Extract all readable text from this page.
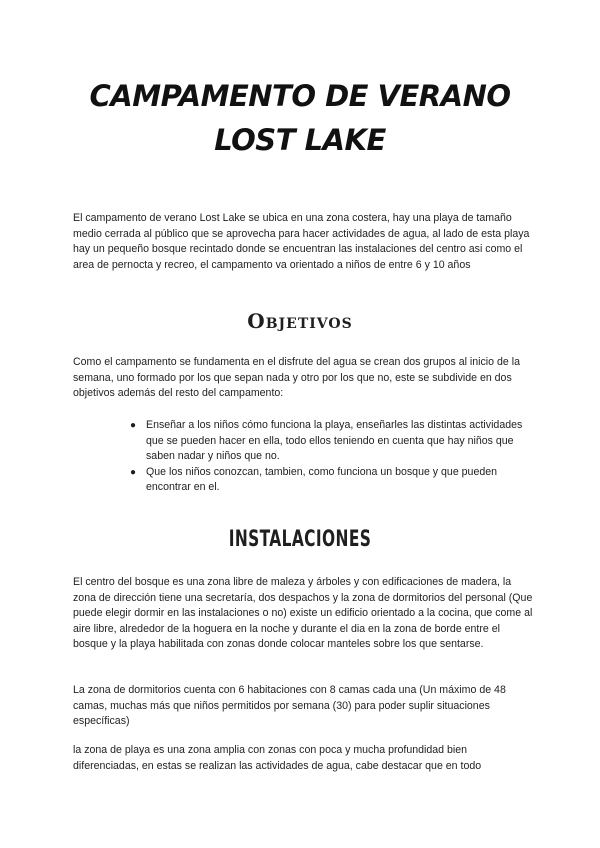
CAMPAMENTO DE VERANO
LOST LAKE

El campamento de verano Lost Lake se ubica en una zona costera, hay una playa de tamaño medio cerrada al público que se aprovecha para hacer actividades de agua, al lado de esta playa hay un pequeño bosque recintado donde se encuentran las instalaciones del centro asi como el area de pernocta y recreo, el campamento va orientado a niños de entre 6 y 10 años

Objetivos

Como el campamento se fundamenta en el disfrute del agua se crean dos grupos al inicio de la semana, uno formado por los que sepan nada y otro por los que no, este se subdivide en dos objetivos además del resto del campamento:

● Enseñar a los niños cómo funciona la playa, enseñarles las distintas actividades que se pueden hacer en ella, todo ellos teniendo en cuenta que hay niños que saben nadar y niños que no.
● Que los niños conozcan, tambien, como funciona un bosque y que pueden encontrar en el.
INSTALACIONES

El centro del bosque es una zona libre de maleza y árboles y con edificaciones de madera, la zona de dirección tiene una secretaría, dos despachos y la zona de dormitorios del personal (Que puede elegir dormir en las instalaciones o no) existe un edificio orientado a la cocina, que come al aire libre, alrededor de la hoguera en la noche y durante el dia en la zona de borde entre el bosque y la playa habilitada con zonas donde colocar manteles sobre los que sentarse.

La zona de dormitorios cuenta con 6 habitaciones con 8 camas cada una (Un máximo de 48 camas, muchas más que niños permitidos por semana (30) para poder suplir situaciones específicas)

la zona de playa es una zona amplia con zonas con poca y mucha profundidad bien diferenciadas, en estas se realizan las actividades de agua, cabe destacar que en todo
